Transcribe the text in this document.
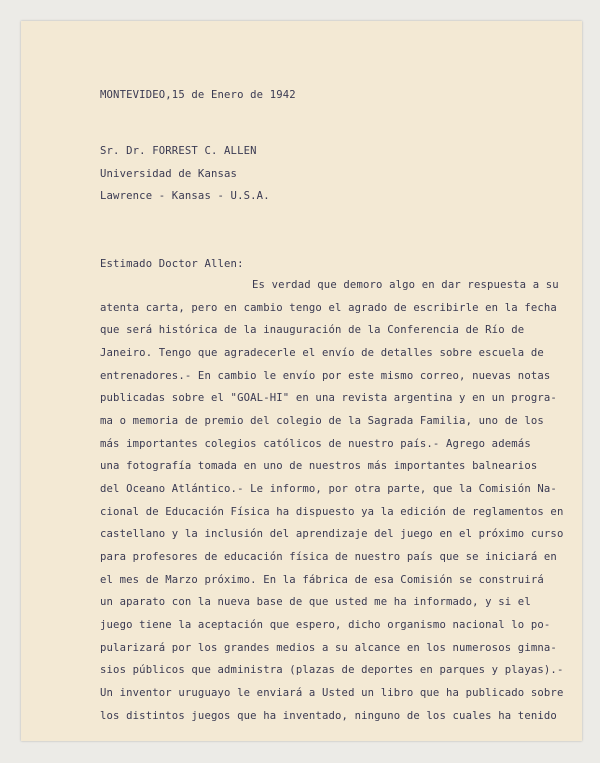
MONTEVIDEO,15 de Enero de 1942
Sr. Dr. FORREST C. ALLEN
Universidad de Kansas
Lawrence - Kansas - U.S.A.
Estimado Doctor Allen:
Es verdad que demoro algo en dar respuesta a su
atenta carta, pero en cambio tengo el agrado de escribirle en la fecha
que será histórica de la inauguración de la Conferencia de Río de
Janeiro. Tengo que agradecerle el envío de detalles sobre escuela de
entrenadores.- En cambio le envío por este mismo correo, nuevas notas
publicadas sobre el "GOAL-HI" en una revista argentina y en un progra-
ma o memoria de premio del colegio de la Sagrada Familia, uno de los
más importantes colegios católicos de nuestro país.- Agrego además
una fotografía tomada en uno de nuestros más importantes balnearios
del Oceano Atlántico.- Le informo, por otra parte, que la Comisión Na-
cional de Educación Física ha dispuesto ya la edición de reglamentos en
castellano y la inclusión del aprendizaje del juego en el próximo curso
para profesores de educación física de nuestro país que se iniciará en
el mes de Marzo próximo. En la fábrica de esa Comisión se construirá
un aparato con la nueva base de que usted me ha informado, y si el
juego tiene la aceptación que espero, dicho organismo nacional lo po-
pularizará por los grandes medios a su alcance en los numerosos gimna-
sios públicos que administra (plazas de deportes en parques y playas).-
Un inventor uruguayo le enviará a Usted un libro que ha publicado sobre
los distintos juegos que ha inventado, ninguno de los cuales ha tenido
